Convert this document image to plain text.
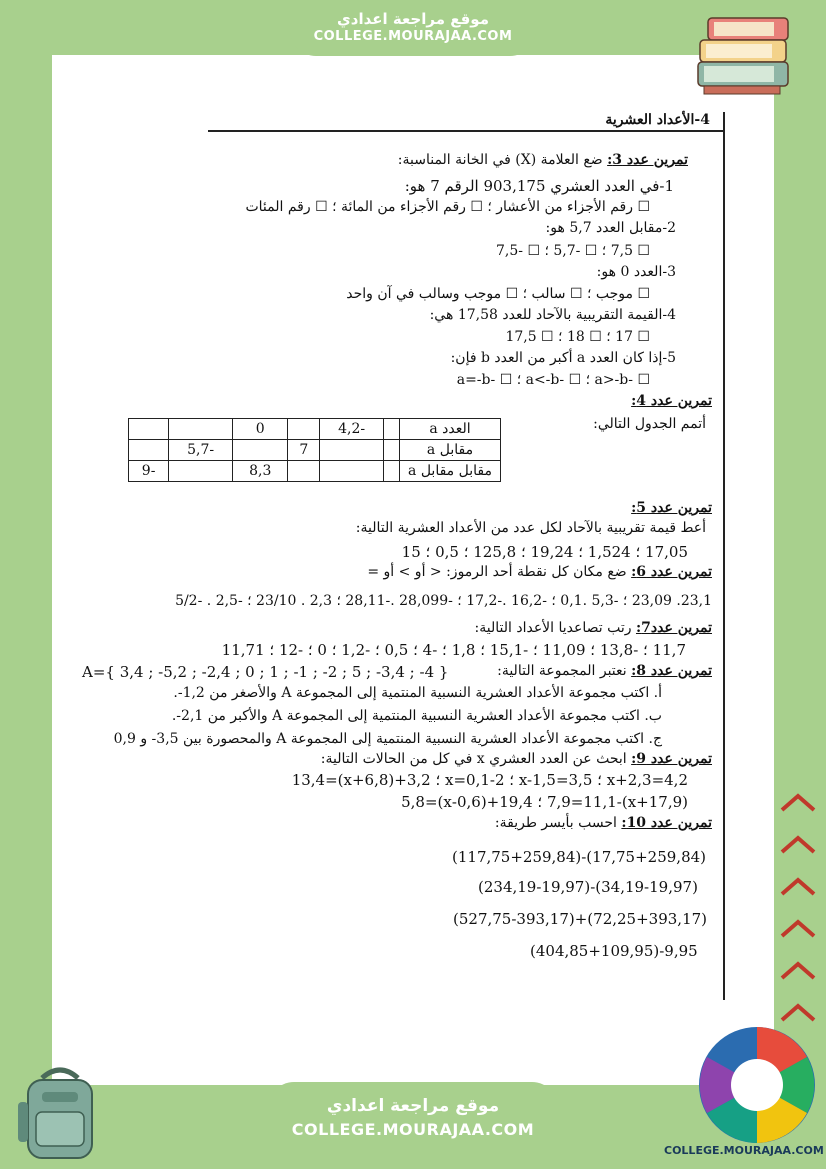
موقع مراجعة اعدادي
COLLEGE.MOURAJAA.COM
موقع مراجعة اعدادي
COLLEGE.MOURAJAA.COM
COLLEGE.MOURAJAA.COM
4-الأعداد العشرية
تمرين عدد 3: ضع العلامة (X) في الخانة المناسبة:
1-في العدد العشري 903,175 الرقم 7 هو:
☐ رقم الأجزاء من الأعشار ؛ ☐ رقم الأجزاء من المائة ؛ ☐ رقم المئات
2-مقابل العدد 5,7 هو:
☐ 7,5 ؛ ☐ -5,7 ؛ ☐ -7,5
3-العدد 0 هو:
☐ موجب ؛ ☐ سالب ؛ ☐ موجب وسالب في آن واحد
4-القيمة التقريبية بالآحاد للعدد 17,58 هي:
☐ 17 ؛ ☐ 18 ؛ ☐ 17,5
5-إذا كان العدد a أكبر من العدد b فإن:
☐ -a>-b ؛ ☐ -a<-b ؛ ☐ -a=-b
تمرين عدد 4:
أتمم الجدول التالي:
العدد a		-4,2		0		
مقابل a			7		-5,7	
مقابل مقابل a				8,3		-9
تمرين عدد 5:
أعط قيمة تقريبية بالآحاد لكل عدد من الأعداد العشرية التالية:
17,05 ؛ 1,524 ؛ 19,24 ؛ 125,8 ؛ 0,5 ؛ 15
تمرين عدد 6: ضع مكان كل نقطة أحد الرموز: < أو > أو =
23,1. 23,09 ؛ -5,3 .0,1 ؛ -16,2 .-17,2 ؛ -28,099 .-28,11 ؛ 2,3 . 23/10 ؛ -2,5 . -5/2
تمرين عدد7: رتب تصاعديا الأعداد التالية:
11,7 ؛ -13,8 ؛ 11,09 ؛ -15,1 ؛ 1,8 ؛ -4 ؛ 0,5 ؛ -1,2 ؛ 0 ؛ -12 ؛ 11,71
تمرين عدد 8: نعتبر المجموعة التالية:
A={ 3,4 ; -5,2 ; -2,4 ; 0 ; 1 ; -1 ; -2 ; 5 ; -3,4 ; -4 }
أ. اكتب مجموعة الأعداد العشرية النسبية المنتمية إلى المجموعة A والأصغر من 1,2-.
ب. اكتب مجموعة الأعداد العشرية النسبية المنتمية إلى المجموعة A والأكبر من 2,1-.
ج. اكتب مجموعة الأعداد العشرية النسبية المنتمية إلى المجموعة A والمحصورة بين 3,5- و 0,9
تمرين عدد 9: ابحث عن العدد العشري x في كل من الحالات التالية:
x+2,3=4,2 ؛ x-1,5=3,5 ؛ 2-x=0,1 ؛ 3,2+(x+6,8)=13,4
(x+17,9)-7,9=11,1 ؛ 19,4+(0,6-x)=5,8
تمرين عدد 10: احسب بأيسر طريقة:
(117,75+259,84)-(17,75+259,84)
(234,19-19,97)-(34,19-19,97)
(527,75-393,17)+(72,25+393,17)
(404,85+109,95)-9,95
